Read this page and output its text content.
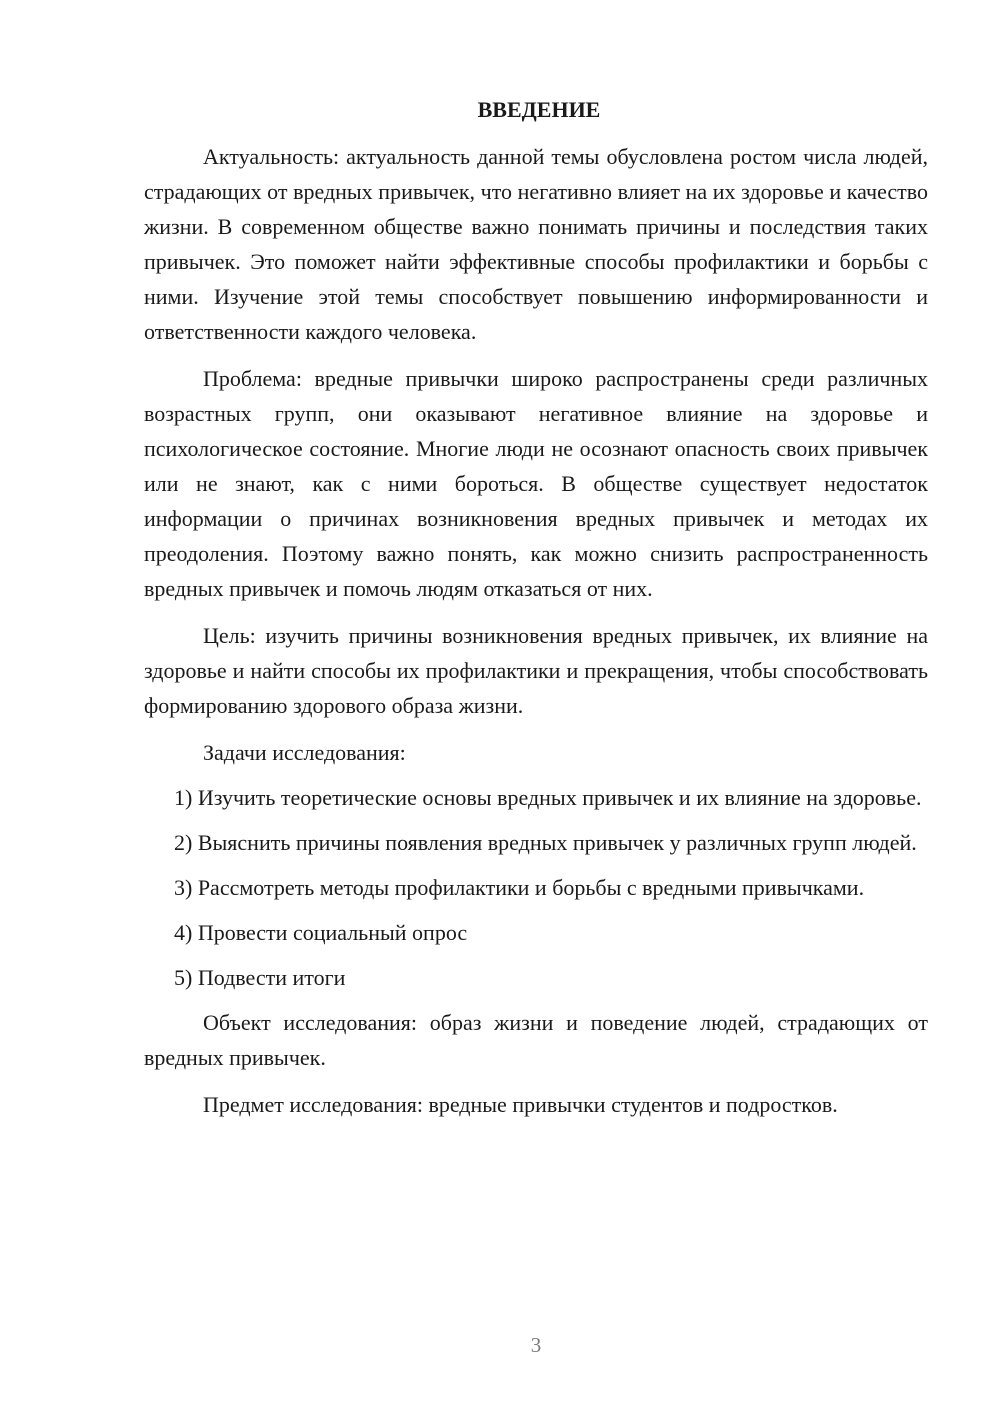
ВВЕДЕНИЕ

Актуальность: актуальность данной темы обусловлена ростом числа людей, страдающих от вредных привычек, что негативно влияет на их здоровье и качество жизни. В современном обществе важно понимать причины и последствия таких привычек. Это поможет найти эффективные способы профилактики и борьбы с ними. Изучение этой темы способствует повышению информированности и ответственности каждого человека.

Проблема: вредные привычки широко распространены среди различных возрастных групп, они оказывают негативное влияние на здоровье и психологическое состояние. Многие люди не осознают опасность своих привычек или не знают, как с ними бороться. В обществе существует недостаток информации о причинах возникновения вредных привычек и методах их преодоления. Поэтому важно понять, как можно снизить распространенность вредных привычек и помочь людям отказаться от них.

Цель: изучить причины возникновения вредных привычек, их влияние на здоровье и найти способы их профилактики и прекращения, чтобы способствовать формированию здорового образа жизни.

Задачи исследования:

1) Изучить теоретические основы вредных привычек и их влияние на здоровье.

2) Выяснить причины появления вредных привычек у различных групп людей.

3) Рассмотреть методы профилактики и борьбы с вредными привычками.

4) Провести социальный опрос

5) Подвести итоги

Объект исследования: образ жизни и поведение людей, страдающих от вредных привычек.

Предмет исследования: вредные привычки студентов и подростков.

3
